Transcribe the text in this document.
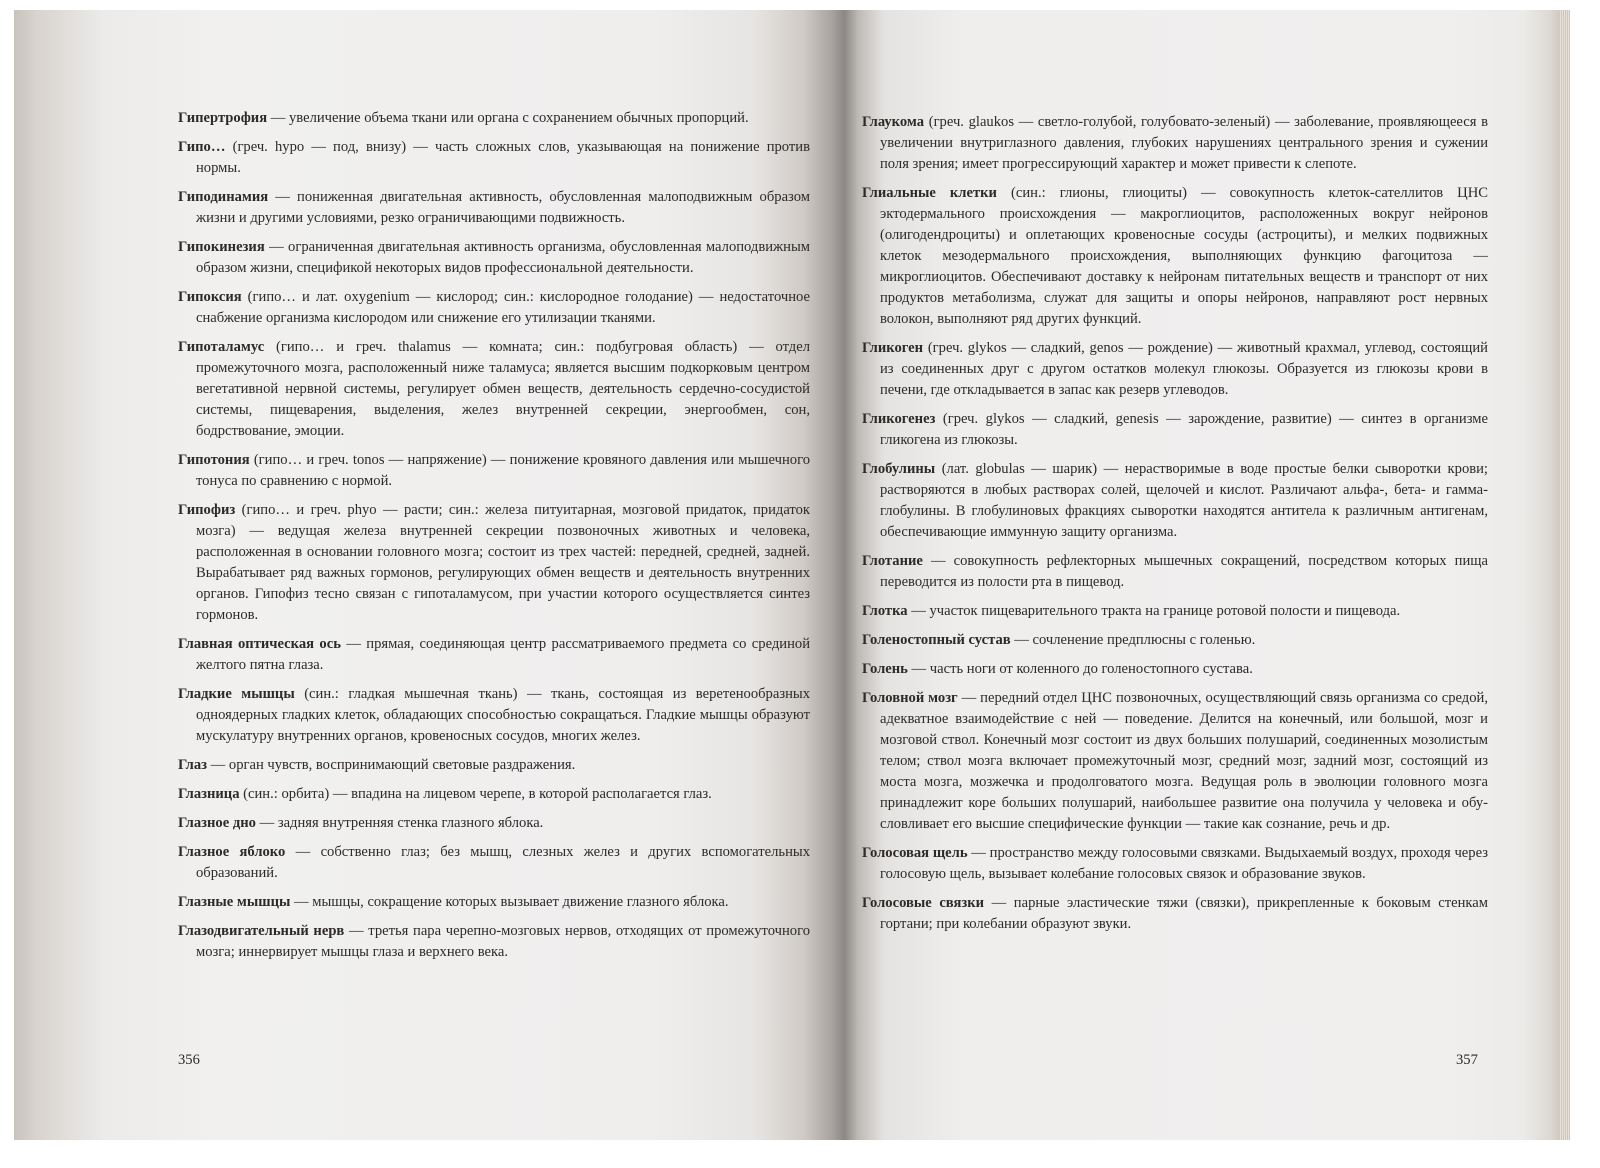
Гипертрофия — увеличение объема ткани или органа с сохранением обычных пропорций.

Гипо… (греч. hypo — под, внизу) — часть сложных слов, указывающая на понижение против нормы.

Гиподинамия — пониженная двигательная активность, обусловленная малоподвижным образом жизни и другими условиями, резко ограничивающими подвижность.

Гипокинезия — ограниченная двигательная активность организма, обусловленная малоподвижным образом жизни, спецификой некоторых видов профессиональной деятельности.

Гипоксия (гипо… и лат. oxygenium — кислород; син.: кислородное голодание) — недостаточное снабжение организма кислородом или снижение его утилизации тканями.

Гипоталамус (гипо… и греч. thalamus — комната; син.: подбугровая область) — отдел промежуточного мозга, расположенный ниже таламуса; является высшим подкорковым центром вегетативной нервной системы, регулирует обмен веществ, деятельность сердечно-сосудистой системы, пищеварения, выделения, желез внутренней секреции, энергообмен, сон, бодрствование, эмоции.

Гипотония (гипо… и греч. tonos — напряжение) — понижение кровяного давления или мышечного тонуса по сравнению с нормой.

Гипофиз (гипо… и греч. phyo — расти; син.: железа питуитарная, мозговой придаток, придаток мозга) — ведущая железа внутренней секреции позвоночных животных и человека, расположенная в основании головного мозга; состоит из трех частей: передней, средней, задней. Вырабатывает ряд важных гормонов, регулирующих обмен веществ и деятельность внутренних органов. Гипофиз тесно связан с гипоталамусом, при участии которого осуществляется синтез гормонов.

Главная оптическая ось — прямая, соединяющая центр рассматриваемого предмета со срединой желтого пятна глаза.

Гладкие мышцы (син.: гладкая мышечная ткань) — ткань, состоящая из веретенообразных одноядерных гладких клеток, обладающих способностью сокращаться. Гладкие мышцы образуют мускулатуру внутренних органов, кровеносных сосудов, многих желез.

Глаз — орган чувств, воспринимающий световые раздражения.

Глазница (син.: орбита) — впадина на лицевом черепе, в которой располагается глаз.

Глазное дно — задняя внутренняя стенка глазного яблока.

Глазное яблоко — собственно глаз; без мышц, слезных желез и других вспомогательных образований.

Глазные мышцы — мышцы, сокращение которых вызывает движение глазного яблока.

Глазодвигательный нерв — третья пара черепно-мозговых нервов, отходящих от промежуточного мозга; иннервирует мышцы глаза и верхнего века.

356

Глаукома (греч. glaukos — светло-голубой, голубовато-зеленый) — заболевание, проявляющееся в увеличении внутриглазного давления, глубоких нарушениях центрального зрения и сужении поля зрения; имеет прогрессирующий характер и может привести к слепоте.

Глиальные клетки (син.: глионы, глиоциты) — совокупность клеток-сателлитов ЦНС эктодермального происхождения — макроглиоцитов, расположенных вокруг нейронов (олигодендроциты) и оплетающих кровеносные сосуды (астроциты), и мелких подвижных клеток мезодермального происхождения, выполняющих функцию фагоцитоза — микроглиоцитов. Обеспечивают доставку к нейронам питательных веществ и транспорт от них продуктов метаболизма, служат для защиты и опоры нейронов, направляют рост нервных волокон, выполняют ряд других функций.

Гликоген (греч. glykos — сладкий, genos — рождение) — животный крахмал, углевод, состоящий из соединенных друг с другом остатков молекул глюкозы. Образуется из глюкозы крови в печени, где откладывается в запас как резерв углеводов.

Гликогенез (греч. glykos — сладкий, genesis — зарождение, развитие) — синтез в организме гликогена из глюкозы.

Глобулины (лат. globulas — шарик) — нерастворимые в воде простые белки сыворотки крови; растворяются в любых растворах солей, щелочей и кислот. Различают альфа-, бета- и гамма-глобулины. В глобулиновых фракциях сыворотки находятся антитела к различным антигенам, обеспечивающие иммунную защиту организма.

Глотание — совокупность рефлекторных мышечных сокращений, посредством которых пища переводится из полости рта в пищевод.

Глотка — участок пищеварительного тракта на границе ротовой полости и пищевода.

Голеностопный сустав — сочленение предплюсны с голенью.

Голень — часть ноги от коленного до голеностопного сустава.

Головной мозг — передний отдел ЦНС позвоночных, осуществляющий связь организма со средой, адекватное взаимодействие с ней — поведение. Делится на конечный, или большой, мозг и мозговой ствол. Конечный мозг состоит из двух больших полушарий, соединенных мозолистым телом; ствол мозга включает промежуточный мозг, средний мозг, задний мозг, состоящий из моста мозга, мозжечка и продолговатого мозга. Ведущая роль в эволюции головного мозга принадлежит коре больших полушарий, наибольшее развитие она получила у человека и обусловливает его высшие специфические функции — такие как сознание, речь и др.

Голосовая щель — пространство между голосовыми связками. Выдыхаемый воздух, проходя через голосовую щель, вызывает колебание голосовых связок и образование звуков.

Голосовые связки — парные эластические тяжи (связки), прикрепленные к боковым стенкам гортани; при колебании образуют звуки.

357
